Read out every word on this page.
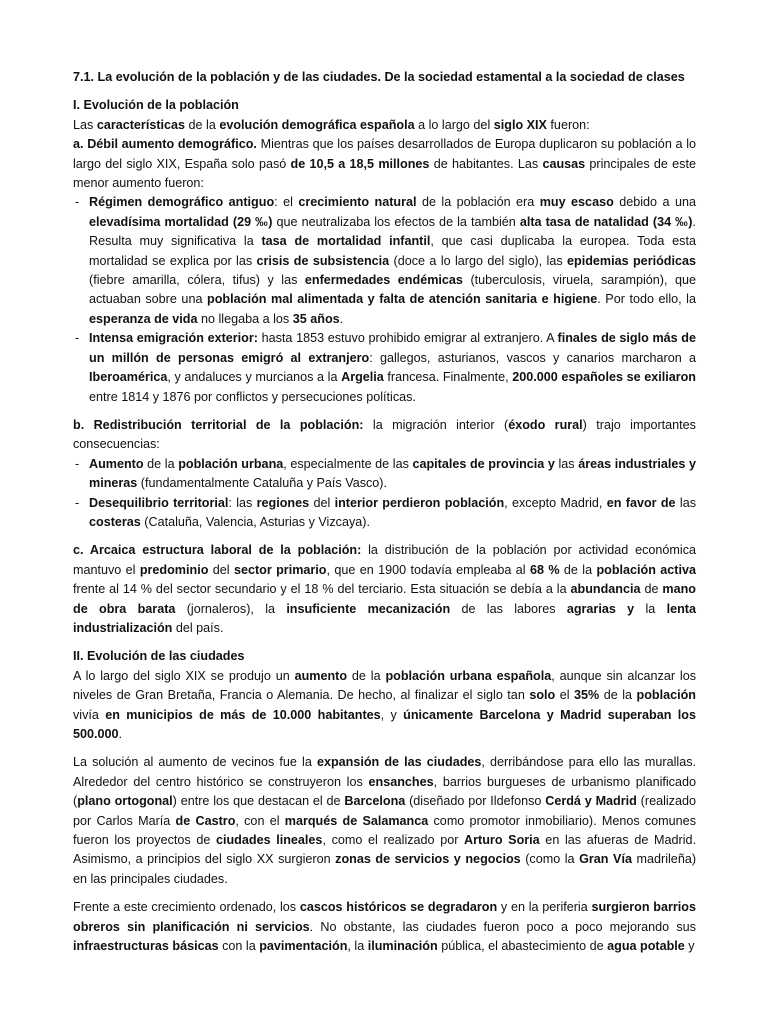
7.1. La evolución de la población y de las ciudades. De la sociedad estamental a la sociedad de clases

I. Evolución de la población

Las características de la evolución demográfica española a lo largo del siglo XIX fueron:

a. Débil aumento demográfico. Mientras que los países desarrollados de Europa duplicaron su población a lo largo del siglo XIX, España solo pasó de 10,5 a 18,5 millones de habitantes. Las causas principales de este menor aumento fueron:

- Régimen demográfico antiguo: el crecimiento natural de la población era muy escaso debido a una elevadísima mortalidad (29 ‰) que neutralizaba los efectos de la también alta tasa de natalidad (34 ‰). Resulta muy significativa la tasa de mortalidad infantil, que casi duplicaba la europea. Toda esta mortalidad se explica por las crisis de subsistencia (doce a lo largo del siglo), las epidemias periódicas (fiebre amarilla, cólera, tifus) y las enfermedades endémicas (tuberculosis, viruela, sarampión), que actuaban sobre una población mal alimentada y falta de atención sanitaria e higiene. Por todo ello, la esperanza de vida no llegaba a los 35 años.
- Intensa emigración exterior: hasta 1853 estuvo prohibido emigrar al extranjero. A finales de siglo más de un millón de personas emigró al extranjero: gallegos, asturianos, vascos y canarios marcharon a Iberoamérica, y andaluces y murcianos a la Argelia francesa. Finalmente, 200.000 españoles se exiliaron entre 1814 y 1876 por conflictos y persecuciones políticas.

b. Redistribución territorial de la población: la migración interior (éxodo rural) trajo importantes consecuencias:

- Aumento de la población urbana, especialmente de las capitales de provincia y las áreas industriales y mineras (fundamentalmente Cataluña y País Vasco).
- Desequilibrio territorial: las regiones del interior perdieron población, excepto Madrid, en favor de las costeras (Cataluña, Valencia, Asturias y Vizcaya).

c. Arcaica estructura laboral de la población: la distribución de la población por actividad económica mantuvo el predominio del sector primario, que en 1900 todavía empleaba al 68 % de la población activa frente al 14 % del sector secundario y el 18 % del terciario. Esta situación se debía a la abundancia de mano de obra barata (jornaleros), la insuficiente mecanización de las labores agrarias y la lenta industrialización del país.

II. Evolución de las ciudades

A lo largo del siglo XIX se produjo un aumento de la población urbana española, aunque sin alcanzar los niveles de Gran Bretaña, Francia o Alemania. De hecho, al finalizar el siglo tan solo el 35% de la población vivía en municipios de más de 10.000 habitantes, y únicamente Barcelona y Madrid superaban los 500.000.

La solución al aumento de vecinos fue la expansión de las ciudades, derribándose para ello las murallas. Alrededor del centro histórico se construyeron los ensanches, barrios burgueses de urbanismo planificado (plano ortogonal) entre los que destacan el de Barcelona (diseñado por Ildefonso Cerdá y Madrid (realizado por Carlos María de Castro, con el marqués de Salamanca como promotor inmobiliario). Menos comunes fueron los proyectos de ciudades lineales, como el realizado por Arturo Soria en las afueras de Madrid. Asimismo, a principios del siglo XX surgieron zonas de servicios y negocios (como la Gran Vía madrileña) en las principales ciudades.

Frente a este crecimiento ordenado, los cascos históricos se degradaron y en la periferia surgieron barrios obreros sin planificación ni servicios. No obstante, las ciudades fueron poco a poco mejorando sus infraestructuras básicas con la pavimentación, la iluminación pública, el abastecimiento de agua potable y
